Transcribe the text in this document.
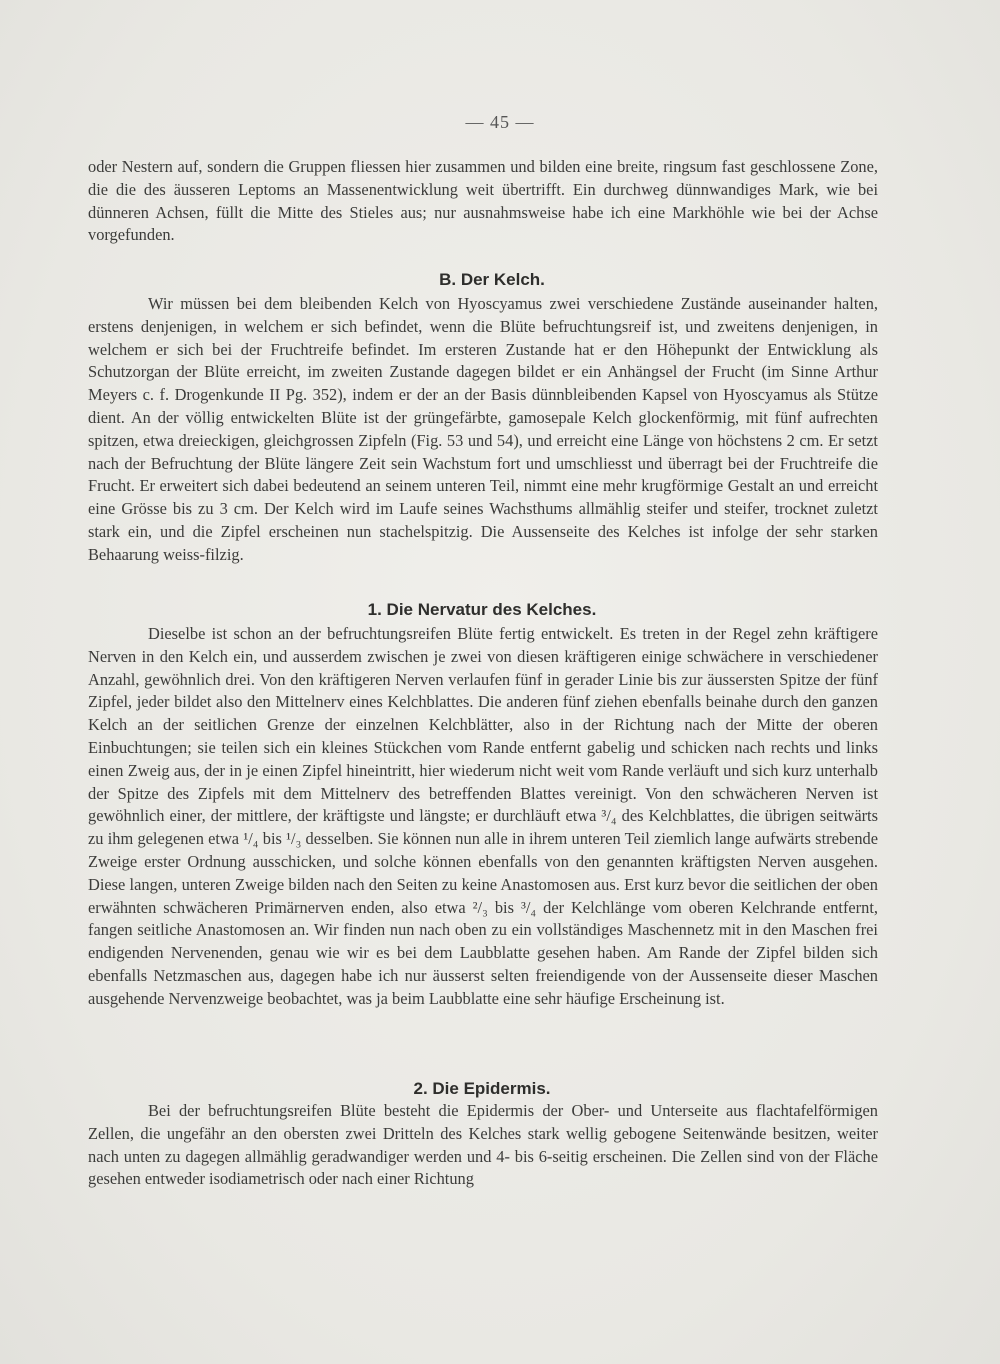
— 45 —

oder Nestern auf, sondern die Gruppen fliessen hier zusammen und bilden eine breite, ringsum fast geschlossene Zone, die die des äusseren Leptoms an Massenentwicklung weit übertrifft. Ein durchweg dünnwandiges Mark, wie bei dünneren Achsen, füllt die Mitte des Stieles aus; nur ausnahmsweise habe ich eine Markhöhle wie bei der Achse vorgefunden.

B. Der Kelch.

Wir müssen bei dem bleibenden Kelch von Hyoscyamus zwei verschiedene Zustände auseinander halten, erstens denjenigen, in welchem er sich befindet, wenn die Blüte befruchtungsreif ist, und zweitens denjenigen, in welchem er sich bei der Fruchtreife befindet. Im ersteren Zustande hat er den Höhepunkt der Entwicklung als Schutzorgan der Blüte erreicht, im zweiten Zustande dagegen bildet er ein Anhängsel der Frucht (im Sinne Arthur Meyers c. f. Drogenkunde II Pg. 352), indem er der an der Basis dünnbleibenden Kapsel von Hyoscyamus als Stütze dient. An der völlig entwickelten Blüte ist der grüngefärbte, gamosepale Kelch glockenförmig, mit fünf aufrechten spitzen, etwa dreieckigen, gleichgrossen Zipfeln (Fig. 53 und 54), und erreicht eine Länge von höchstens 2 cm. Er setzt nach der Befruchtung der Blüte längere Zeit sein Wachstum fort und umschliesst und überragt bei der Fruchtreife die Frucht. Er erweitert sich dabei bedeutend an seinem unteren Teil, nimmt eine mehr krugförmige Gestalt an und erreicht eine Grösse bis zu 3 cm. Der Kelch wird im Laufe seines Wachsthums allmählig steifer und steifer, trocknet zuletzt stark ein, und die Zipfel erscheinen nun stachelspitzig. Die Aussenseite des Kelches ist infolge der sehr starken Behaarung weiss-filzig.

1. Die Nervatur des Kelches.

Dieselbe ist schon an der befruchtungsreifen Blüte fertig entwickelt. Es treten in der Regel zehn kräftigere Nerven in den Kelch ein, und ausserdem zwischen je zwei von diesen kräftigeren einige schwächere in verschiedener Anzahl, gewöhnlich drei. Von den kräftigeren Nerven verlaufen fünf in gerader Linie bis zur äussersten Spitze der fünf Zipfel, jeder bildet also den Mittelnerv eines Kelchblattes. Die anderen fünf ziehen ebenfalls beinahe durch den ganzen Kelch an der seitlichen Grenze der einzelnen Kelchblätter, also in der Richtung nach der Mitte der oberen Einbuchtungen; sie teilen sich ein kleines Stückchen vom Rande entfernt gabelig und schicken nach rechts und links einen Zweig aus, der in je einen Zipfel hineintritt, hier wiederum nicht weit vom Rande verläuft und sich kurz unterhalb der Spitze des Zipfels mit dem Mittelnerv des betreffenden Blattes vereinigt. Von den schwächeren Nerven ist gewöhnlich einer, der mittlere, der kräftigste und längste; er durchläuft etwa ³/₄ des Kelchblattes, die übrigen seitwärts zu ihm gelegenen etwa ¹/₄ bis ¹/₃ desselben. Sie können nun alle in ihrem unteren Teil ziemlich lange aufwärts strebende Zweige erster Ordnung ausschicken, und solche können ebenfalls von den genannten kräftigsten Nerven ausgehen. Diese langen, unteren Zweige bilden nach den Seiten zu keine Anastomosen aus. Erst kurz bevor die seitlichen der oben erwähnten schwächeren Primärnerven enden, also etwa ²/₃ bis ³/₄ der Kelchlänge vom oberen Kelchrande entfernt, fangen seitliche Anastomosen an. Wir finden nun nach oben zu ein vollständiges Maschennetz mit in den Maschen frei endigenden Nervenenden, genau wie wir es bei dem Laubblatte gesehen haben. Am Rande der Zipfel bilden sich ebenfalls Netzmaschen aus, dagegen habe ich nur äusserst selten freiendigende von der Aussenseite dieser Maschen ausgehende Nervenzweige beobachtet, was ja beim Laubblatte eine sehr häufige Erscheinung ist.

2. Die Epidermis.

Bei der befruchtungsreifen Blüte besteht die Epidermis der Ober- und Unterseite aus flachtafelförmigen Zellen, die ungefähr an den obersten zwei Dritteln des Kelches stark wellig gebogene Seitenwände besitzen, weiter nach unten zu dagegen allmählig geradwandiger werden und 4- bis 6-seitig erscheinen. Die Zellen sind von der Fläche gesehen entweder isodiametrisch oder nach einer Richtung
